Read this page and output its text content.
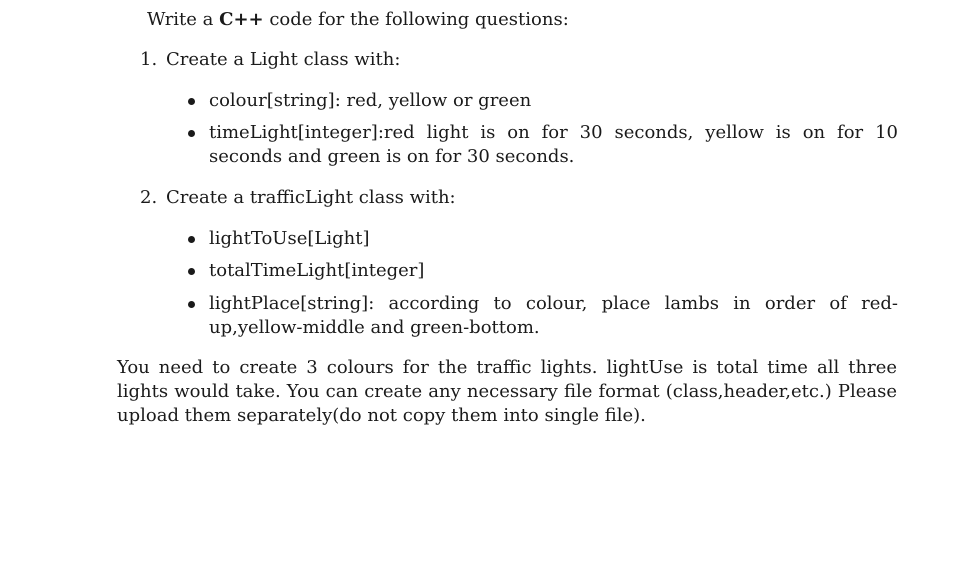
Write a C++ code for the following questions:
1. Create a Light class with:
colour[string]: red, yellow or green
timeLight[integer]:red light is on for 30 seconds, yellow is on for 10 seconds and green is on for 30 seconds.
2. Create a trafficLight class with:
lightToUse[Light]
totalTimeLight[integer]
lightPlace[string]: according to colour, place lambs in order of red-up,yellow-middle and green-bottom.
You need to create 3 colours for the traffic lights. lightUse is total time all three lights would take. You can create any necessary file format (class,header,etc.) Please upload them separately(do not copy them into single file).
